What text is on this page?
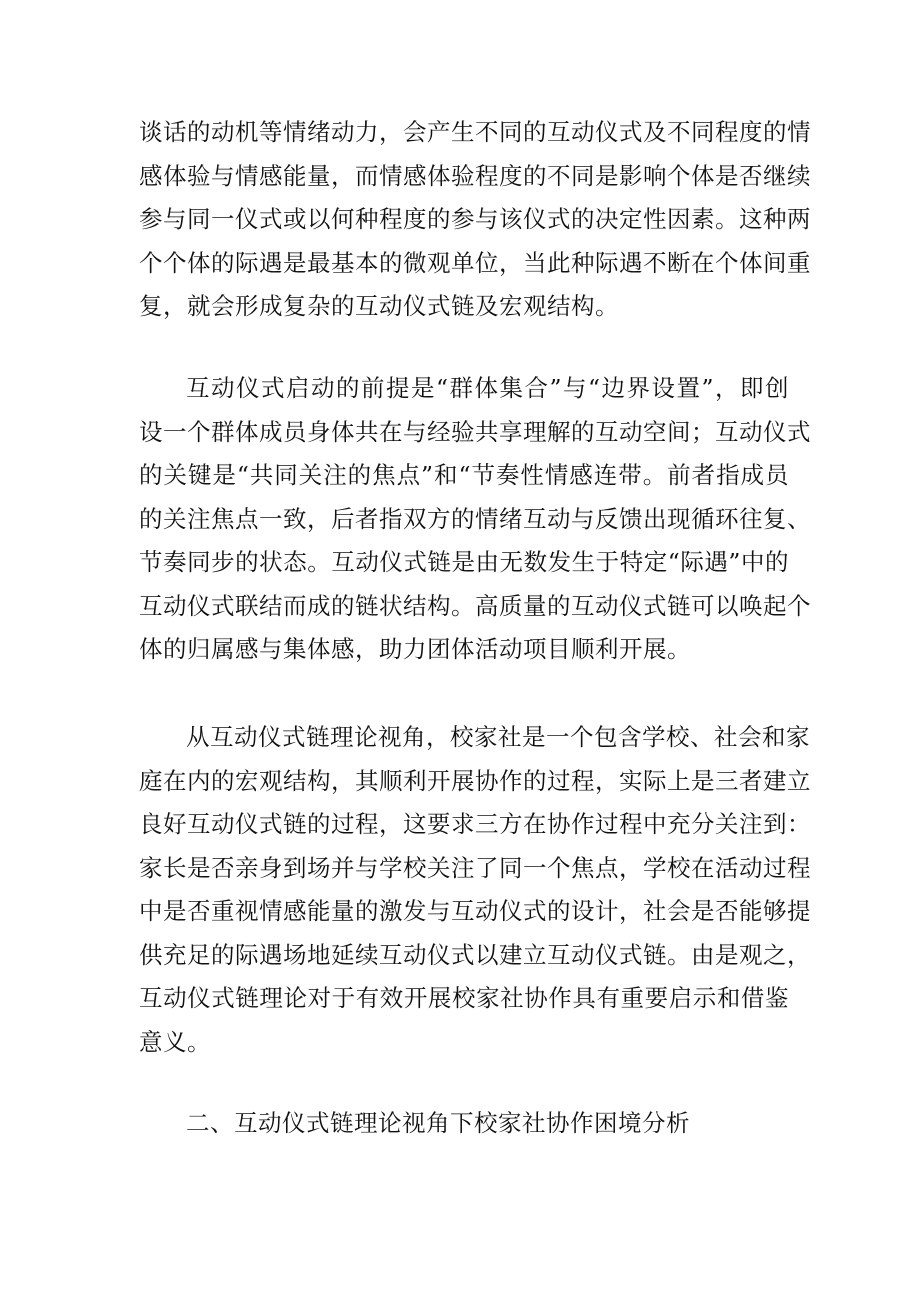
谈话的动机等情绪动力，会产生不同的互动仪式及不同程度的情
感体验与情感能量，而情感体验程度的不同是影响个体是否继续
参与同一仪式或以何种程度的参与该仪式的决定性因素。这种两
个个体的际遇是最基本的微观单位，当此种际遇不断在个体间重
复，就会形成复杂的互动仪式链及宏观结构。
互动仪式启动的前提是“群体集合”与“边界设置”，即创
设一个群体成员身体共在与经验共享理解的互动空间；互动仪式
的关键是“共同关注的焦点”和“节奏性情感连带。前者指成员
的关注焦点一致，后者指双方的情绪互动与反馈出现循环往复、
节奏同步的状态。互动仪式链是由无数发生于特定“际遇”中的
互动仪式联结而成的链状结构。高质量的互动仪式链可以唤起个
体的归属感与集体感，助力团体活动项目顺利开展。
从互动仪式链理论视角，校家社是一个包含学校、社会和家
庭在内的宏观结构，其顺利开展协作的过程，实际上是三者建立
良好互动仪式链的过程，这要求三方在协作过程中充分关注到：
家长是否亲身到场并与学校关注了同一个焦点，学校在活动过程
中是否重视情感能量的激发与互动仪式的设计，社会是否能够提
供充足的际遇场地延续互动仪式以建立互动仪式链。由是观之，
互动仪式链理论对于有效开展校家社协作具有重要启示和借鉴
意义。
二、互动仪式链理论视角下校家社协作困境分析
